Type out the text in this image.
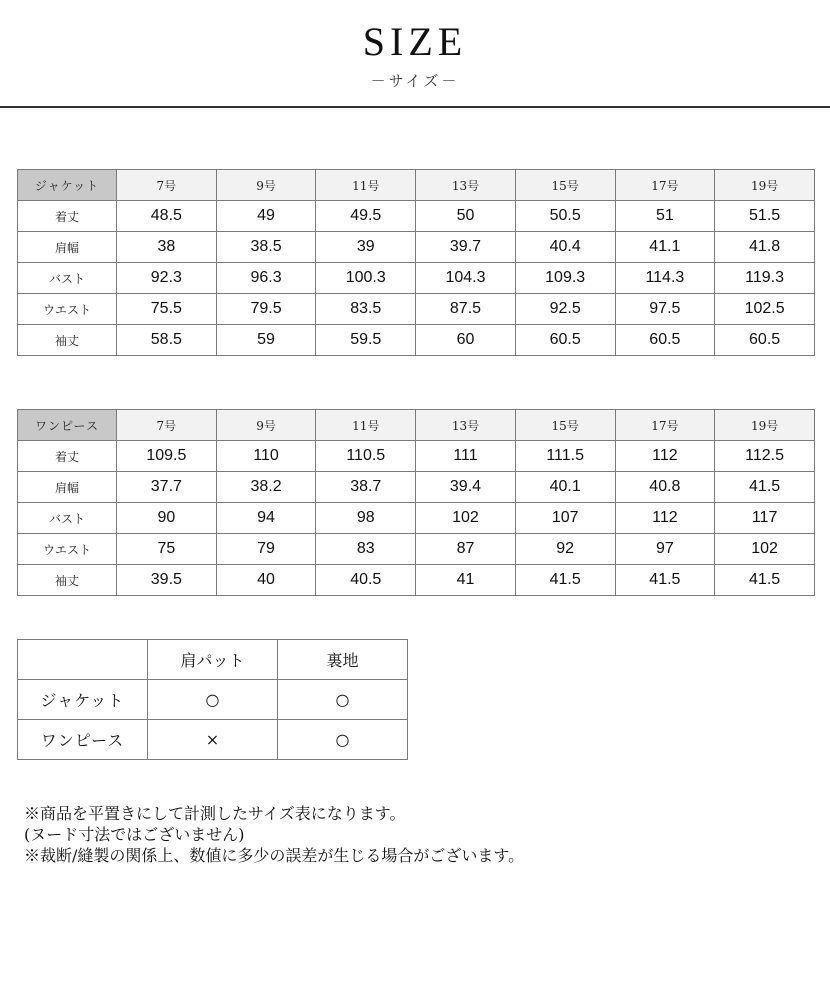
SIZE
－サイズ－
ジャケット	7号	9号	11号	13号	15号	17号	19号
着丈	48.5	49	49.5	50	50.5	51	51.5
肩幅	38	38.5	39	39.7	40.4	41.1	41.8
バスト	92.3	96.3	100.3	104.3	109.3	114.3	119.3
ウエスト	75.5	79.5	83.5	87.5	92.5	97.5	102.5
袖丈	58.5	59	59.5	60	60.5	60.5	60.5
ワンピース	7号	9号	11号	13号	15号	17号	19号
着丈	109.5	110	110.5	111	111.5	112	112.5
肩幅	37.7	38.2	38.7	39.4	40.1	40.8	41.5
バスト	90	94	98	102	107	112	117
ウエスト	75	79	83	87	92	97	102
袖丈	39.5	40	40.5	41	41.5	41.5	41.5
	肩パット	裏地
ジャケット	○	○
ワンピース	×	○
※商品を平置きにして計測したサイズ表になります。
(ヌード寸法ではございません)
※裁断/縫製の関係上、数値に多少の誤差が生じる場合がございます。
